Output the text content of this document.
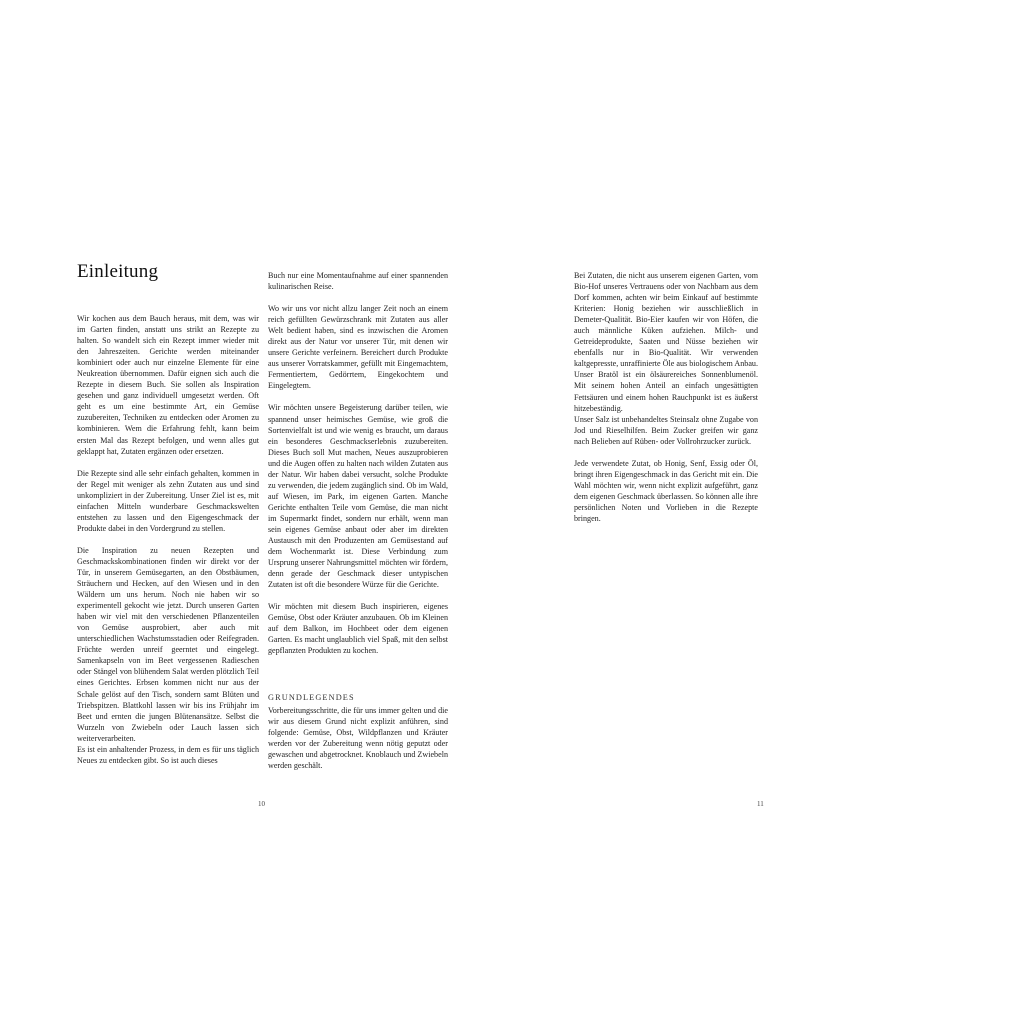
Einleitung

Wir kochen aus dem Bauch heraus, mit dem, was wir im Garten finden, anstatt uns strikt an Rezepte zu halten. So wandelt sich ein Rezept immer wieder mit den Jahreszeiten. Gerichte werden miteinander kombiniert oder auch nur einzelne Elemente für eine Neukreation übernommen. Dafür eignen sich auch die Rezepte in diesem Buch. Sie sollen als Inspiration gesehen und ganz individuell umgesetzt werden. Oft geht es um eine bestimmte Art, ein Gemüse zuzubereiten, Techniken zu entdecken oder Aromen zu kombinieren. Wem die Erfahrung fehlt, kann beim ersten Mal das Rezept befolgen, und wenn alles gut geklappt hat, Zutaten ergänzen oder ersetzen.

Die Rezepte sind alle sehr einfach gehalten, kommen in der Regel mit weniger als zehn Zutaten aus und sind unkompliziert in der Zubereitung. Unser Ziel ist es, mit einfachen Mitteln wunderbare Geschmackswelten entstehen zu lassen und den Eigengeschmack der Produkte dabei in den Vordergrund zu stellen.

Die Inspiration zu neuen Rezepten und Geschmackskombinationen finden wir direkt vor der Tür, in unserem Gemüsegarten, an den Obstbäumen, Sträuchern und Hecken, auf den Wiesen und in den Wäldern um uns herum. Noch nie haben wir so experimentell gekocht wie jetzt. Durch unseren Garten haben wir viel mit den verschiedenen Pflanzenteilen von Gemüse ausprobiert, aber auch mit unterschiedlichen Wachstumsstadien oder Reifegraden. Früchte werden unreif geerntet und eingelegt. Samenkapseln von im Beet vergessenen Radieschen oder Stängel von blühendem Salat werden plötzlich Teil eines Gerichtes. Erbsen kommen nicht nur aus der Schale gelöst auf den Tisch, sondern samt Blüten und Triebspitzen. Blattkohl lassen wir bis ins Frühjahr im Beet und ernten die jungen Blütenansätze. Selbst die Wurzeln von Zwiebeln oder Lauch lassen sich weiterverarbeiten.

Es ist ein anhaltender Prozess, in dem es für uns täglich Neues zu entdecken gibt. So ist auch dieses

Buch nur eine Momentaufnahme auf einer spannenden kulinarischen Reise.

Wo wir uns vor nicht allzu langer Zeit noch an einem reich gefüllten Gewürzschrank mit Zutaten aus aller Welt bedient haben, sind es inzwischen die Aromen direkt aus der Natur vor unserer Tür, mit denen wir unsere Gerichte verfeinern. Bereichert durch Produkte aus unserer Vorratskammer, gefüllt mit Eingemachtem, Fermentiertem, Gedörrtem, Eingekochtem und Eingelegtem.

Wir möchten unsere Begeisterung darüber teilen, wie spannend unser heimisches Gemüse, wie groß die Sortenvielfalt ist und wie wenig es braucht, um daraus ein besonderes Geschmackserlebnis zuzubereiten. Dieses Buch soll Mut machen, Neues auszuprobieren und die Augen offen zu halten nach wilden Zutaten aus der Natur. Wir haben dabei versucht, solche Produkte zu verwenden, die jedem zugänglich sind. Ob im Wald, auf Wiesen, im Park, im eigenen Garten. Manche Gerichte enthalten Teile vom Gemüse, die man nicht im Supermarkt findet, sondern nur erhält, wenn man sein eigenes Gemüse anbaut oder aber im direkten Austausch mit den Produzenten am Gemüsestand auf dem Wochenmarkt ist. Diese Verbindung zum Ursprung unserer Nahrungsmittel möchten wir fördern, denn gerade der Geschmack dieser untypischen Zutaten ist oft die besondere Würze für die Gerichte.

Wir möchten mit diesem Buch inspirieren, eigenes Gemüse, Obst oder Kräuter anzubauen. Ob im Kleinen auf dem Balkon, im Hochbeet oder dem eigenen Garten. Es macht unglaublich viel Spaß, mit den selbst gepflanzten Produkten zu kochen.

GRUNDLEGENDES

Vorbereitungsschritte, die für uns immer gelten und die wir aus diesem Grund nicht explizit anführen, sind folgende: Gemüse, Obst, Wildpflanzen und Kräuter werden vor der Zubereitung wenn nötig geputzt oder gewaschen und abgetrocknet. Knoblauch und Zwiebeln werden geschält.

Bei Zutaten, die nicht aus unserem eigenen Garten, vom Bio-Hof unseres Vertrauens oder von Nachbarn aus dem Dorf kommen, achten wir beim Einkauf auf bestimmte Kriterien: Honig beziehen wir ausschließlich in Demeter-Qualität. Bio-Eier kaufen wir von Höfen, die auch männliche Küken aufziehen. Milch- und Getreideprodukte, Saaten und Nüsse beziehen wir ebenfalls nur in Bio-Qualität. Wir verwenden kaltgepresste, unraffinierte Öle aus biologischem Anbau. Unser Bratöl ist ein ölsäurereiches Sonnenblumenöl. Mit seinem hohen Anteil an einfach ungesättigten Fettsäuren und einem hohen Rauchpunkt ist es äußerst hitzebeständig.

Unser Salz ist unbehandeltes Steinsalz ohne Zugabe von Jod und Rieselhilfen. Beim Zucker greifen wir ganz nach Belieben auf Rüben- oder Vollrohrzucker zurück.

Jede verwendete Zutat, ob Honig, Senf, Essig oder Öl, bringt ihren Eigengeschmack in das Gericht mit ein. Die Wahl möchten wir, wenn nicht explizit aufgeführt, ganz dem eigenen Geschmack überlassen. So können alle ihre persönlichen Noten und Vorlieben in die Rezepte bringen.

10	11
